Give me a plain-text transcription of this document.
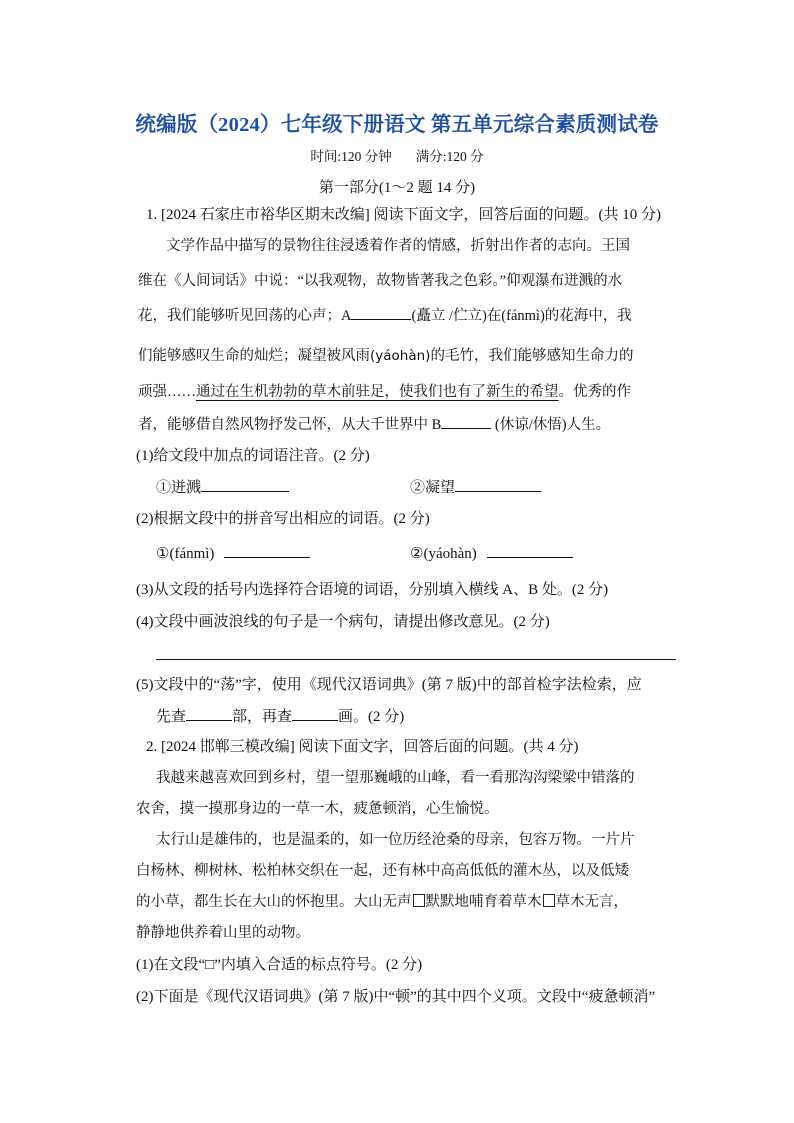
统编版（2024）七年级下册语文 第五单元综合素质测试卷
时间:120 分钟 满分:120 分
第一部分(1～2 题 14 分)
1. [2024 石家庄市裕华区期末改编] 阅读下面文字，回答后面的问题。(共 10 分)
文学作品中描写的景物往往浸透着作者的情感，折射出作者的志向。王国
维在《人间词话》中说：“以我观物，故物皆著我之色彩。”仰观瀑布迸溅的水
花，我们能够听见回荡的心声；A	(矗立 /伫立)在(fánmì)的花海中，我
们能够感叹生命的灿烂；凝望被风雨(yáohàn)的毛竹，我们能够感知生命力的
顽强……通过在生机勃勃的草木前驻足，使我们也有了新生的希望。优秀的作
者，能够借自然风物抒发己怀，从大千世界中 B	(休谅/休悟)人生。
(1)给文段中加点的词语注音。(2 分)
①迸溅	②凝望
(2)根据文段中的拼音写出相应的词语。(2 分)
①(fánmì)	②(yáohàn)
(3)从文段的括号内选择符合语境的词语，分别填入横线 A、B 处。(2 分)
(4)文段中画波浪线的句子是一个病句，请提出修改意见。(2 分)
(5)文段中的“荡”字，使用《现代汉语词典》(第 7 版)中的部首检字法检索，应
先查	部，再查	画。(2 分)
2. [2024 邯郸三模改编] 阅读下面文字，回答后面的问题。(共 4 分)
我越来越喜欢回到乡村，望一望那巍峨的山峰，看一看那沟沟梁梁中错落的
农舍，摸一摸那身边的一草一木，疲惫顿消，心生愉悦。
太行山是雄伟的，也是温柔的，如一位历经沧桑的母亲，包容万物。一片片
白杨林、柳树林、松柏林交织在一起，还有林中高高低低的灌木丛，以及低矮
的小草，都生长在大山的怀抱里。大山无声 默默地哺育着草木 草木无言，
静静地供养着山里的动物。
(1)在文段“□”内填入合适的标点符号。(2 分)
(2)下面是《现代汉语词典》(第 7 版)中“顿”的其中四个义项。文段中“疲惫顿消”
